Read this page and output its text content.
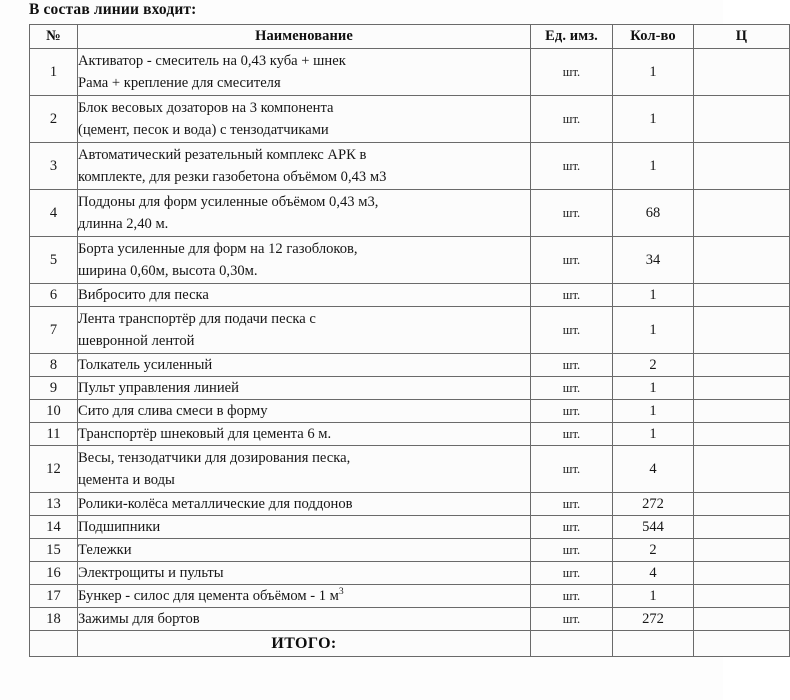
В состав линии входит:
№	Наименование	Ед. имз.	Кол-во	Ц
1	Активатор - смеситель на 0,43 куба + шнек
Рама + крепление для смесителя	шт.	1	
2	Блок весовых дозаторов на 3 компонента
(цемент, песок и вода) с тензодатчиками	шт.	1	
3	Автоматический резательный комплекс АРК в
комплекте, для резки газобетона объёмом 0,43 м3	шт.	1	
4	Поддоны для форм усиленные объёмом 0,43 м3,
длинна 2,40 м.	шт.	68	
5	Борта усиленные для форм на 12 газоблоков,
ширина 0,60м, высота 0,30м.	шт.	34	
6	Вибросито для песка	шт.	1	
7	Лента транспортёр для подачи песка с
шевронной лентой	шт.	1	
8	Толкатель усиленный	шт.	2	
9	Пульт управления линией	шт.	1	
10	Сито для слива смеси в форму	шт.	1	
11	Транспортёр шнековый для цемента 6 м.	шт.	1	
12	Весы, тензодатчики для дозирования песка,
цемента и воды	шт.	4	
13	Ролики-колёса металлические для поддонов	шт.	272	
14	Подшипники	шт.	544	
15	Тележки	шт.	2	
16	Электрощиты и пульты	шт.	4	
17	Бункер - силос для цемента объёмом - 1 $м^3$	шт.	1	
18	Зажимы для бортов	шт.	272	
	ИТОГО:			
